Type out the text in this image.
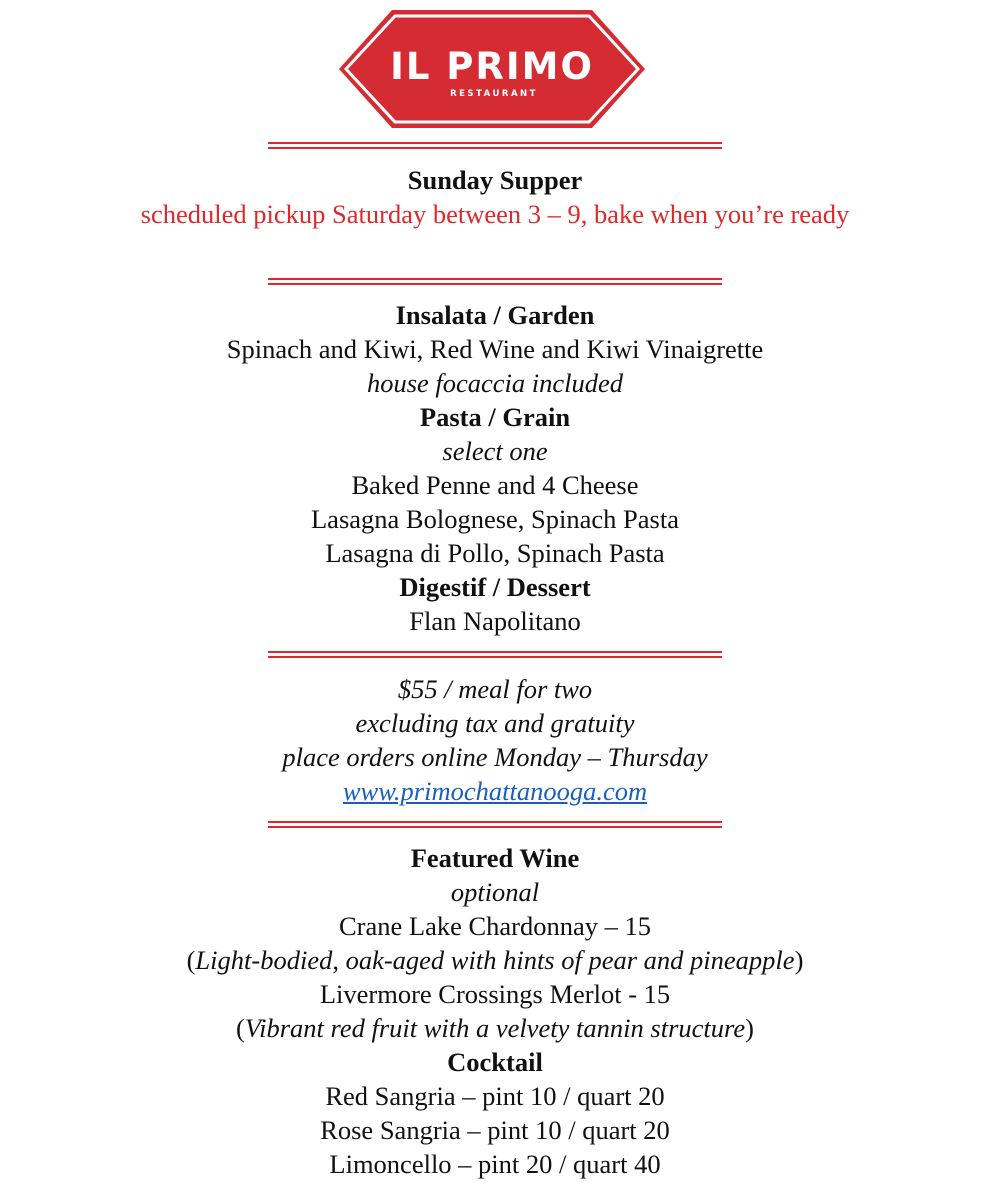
IL PRIMO
RESTAURANT
Sunday Supper
scheduled pickup Saturday between 3 – 9, bake when you’re ready
Insalata / Garden
Spinach and Kiwi, Red Wine and Kiwi Vinaigrette
house focaccia included
Pasta / Grain
select one
Baked Penne and 4 Cheese
Lasagna Bolognese, Spinach Pasta
Lasagna di Pollo, Spinach Pasta
Digestif / Dessert
Flan Napolitano
$55 / meal for two
excluding tax and gratuity
place orders online Monday – Thursday
www.primochattanooga.com
Featured Wine
optional
Crane Lake Chardonnay – 15
(Light-bodied, oak-aged with hints of pear and pineapple)
Livermore Crossings Merlot - 15
(Vibrant red fruit with a velvety tannin structure)
Cocktail
Red Sangria – pint 10 / quart 20
Rose Sangria – pint 10 / quart 20
Limoncello – pint 20 / quart 40
